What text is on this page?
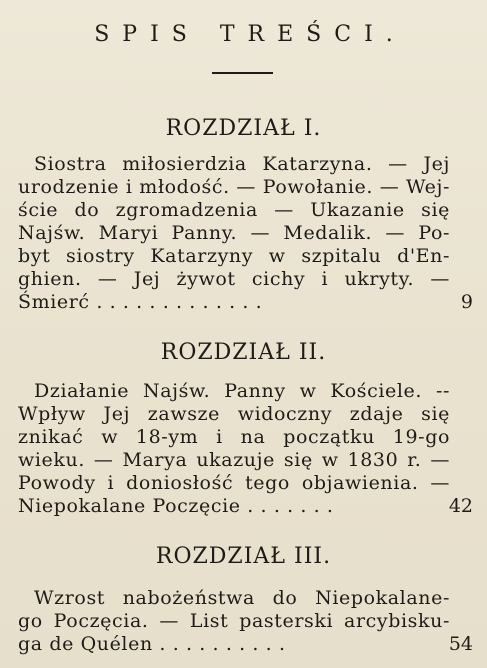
SPIS TREŚCI.
ROZDZIAŁ I.
Siostra miłosierdzia Katarzyna. — Jej
urodzenie i młodość. — Powołanie. — Wej-
ście do zgromadzenia — Ukazanie się
Najśw. Maryi Panny. — Medalik. — Po-
byt siostry Katarzyny w szpitalu d'En-
ghien. — Jej żywot cichy i ukryty. —
Śmierć . . . . . . . . . . . . .	9
ROZDZIAŁ II.
Działanie Najśw. Panny w Kościele. --
Wpływ Jej zawsze widoczny zdaje się
znikać w 18-ym i na początku 19-go
wieku. — Marya ukazuje się w 1830 r. —
Powody i doniosłość tego objawienia. —
Niepokalane Poczęcie . . . . . . .	42
ROZDZIAŁ III.
Wzrost nabożeństwa do Niepokalane-
go Poczęcia. — List pasterski arcybisku-
ga de Quélen . . . . . . . . . .	54
